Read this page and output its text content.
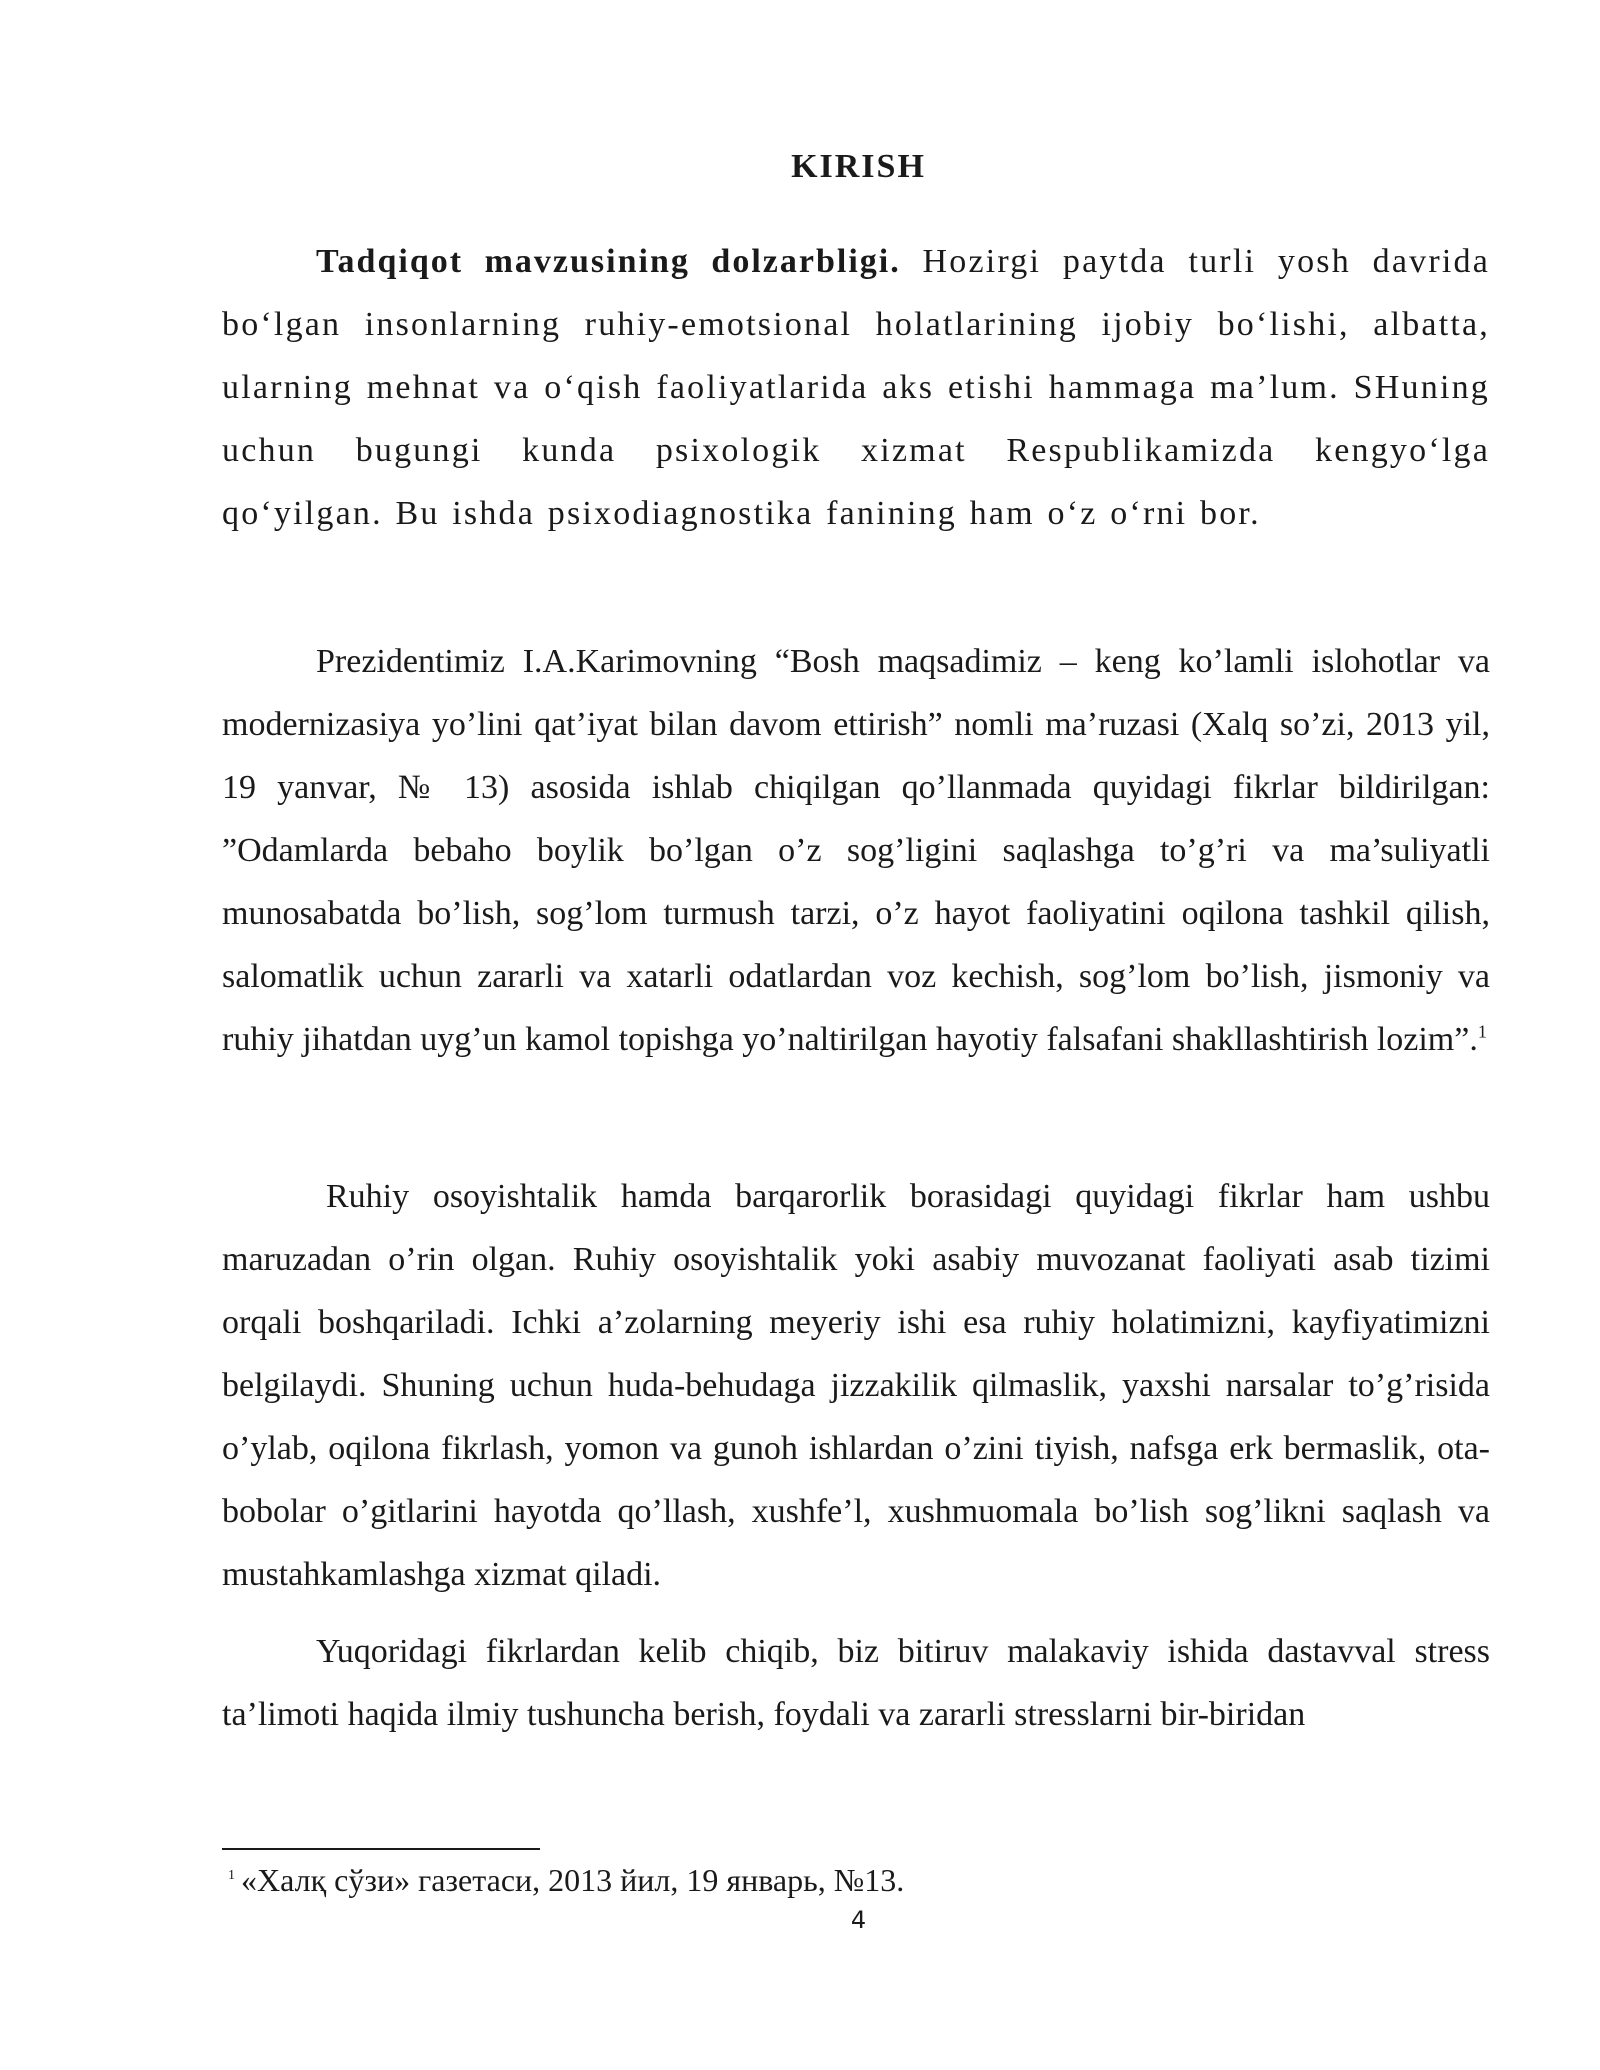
KIRISH

Tadqiqot mavzusining dolzarbligi. Hozirgi paytda turli yosh davrida boʻlgan insonlarning ruhiy-emotsional holatlarining ijobiy boʻlishi, albatta, ularning mehnat va oʻqish faoliyatlarida aks etishi hammaga ma’lum. SHuning uchun bugungi kunda psixologik xizmat Respublikamizda kengyoʻlga qoʻyilgan. Bu ishda psixodiagnostika fanining ham oʻz oʻrni bor.

Prezidentimiz I.A.Karimovning “Bosh maqsadimiz – keng ko’lamli islohotlar va modernizasiya yo’lini qat’iyat bilan davom ettirish” nomli ma’ruzasi (Xalq so’zi, 2013 yil, 19 yanvar, № 13) asosida ishlab chiqilgan qo’llanmada quyidagi fikrlar bildirilgan: ”Odamlarda bebaho boylik bo’lgan o’z sog’ligini saqlashga to’g’ri va ma’suliyatli munosabatda bo’lish, sog’lom turmush tarzi, o’z hayot faoliyatini oqilona tashkil qilish, salomatlik uchun zararli va xatarli odatlardan voz kechish, sog’lom bo’lish, jismoniy va ruhiy jihatdan uyg’un kamol topishga yo’naltirilgan hayotiy falsafani shakllashtirish lozim”.$^1$

Ruhiy osoyishtalik hamda barqarorlik borasidagi quyidagi fikrlar ham ushbu maruzadan o’rin olgan. Ruhiy osoyishtalik yoki asabiy muvozanat faoliyati asab tizimi orqali boshqariladi. Ichki a’zolarning meyeriy ishi esa ruhiy holatimizni, kayfiyatimizni belgilaydi. Shuning uchun huda-behudaga jizzakilik qilmaslik, yaxshi narsalar to’g’risida o’ylab, oqilona fikrlash, yomon va gunoh ishlardan o’zini tiyish, nafsga erk bermaslik, ota-bobolar o’gitlarini hayotda qo’llash, xushfe’l, xushmuomala bo’lish sog’likni saqlash va mustahkamlashga xizmat qiladi.

Yuqoridagi fikrlardan kelib chiqib, biz bitiruv malakaviy ishida dastavval stress ta’limoti haqida ilmiy tushuncha berish, foydali va zararli stresslarni bir-biridan

$^1$ «Халқ сўзи» газетаси, 2013 йил, 19 январь, №13.

4
